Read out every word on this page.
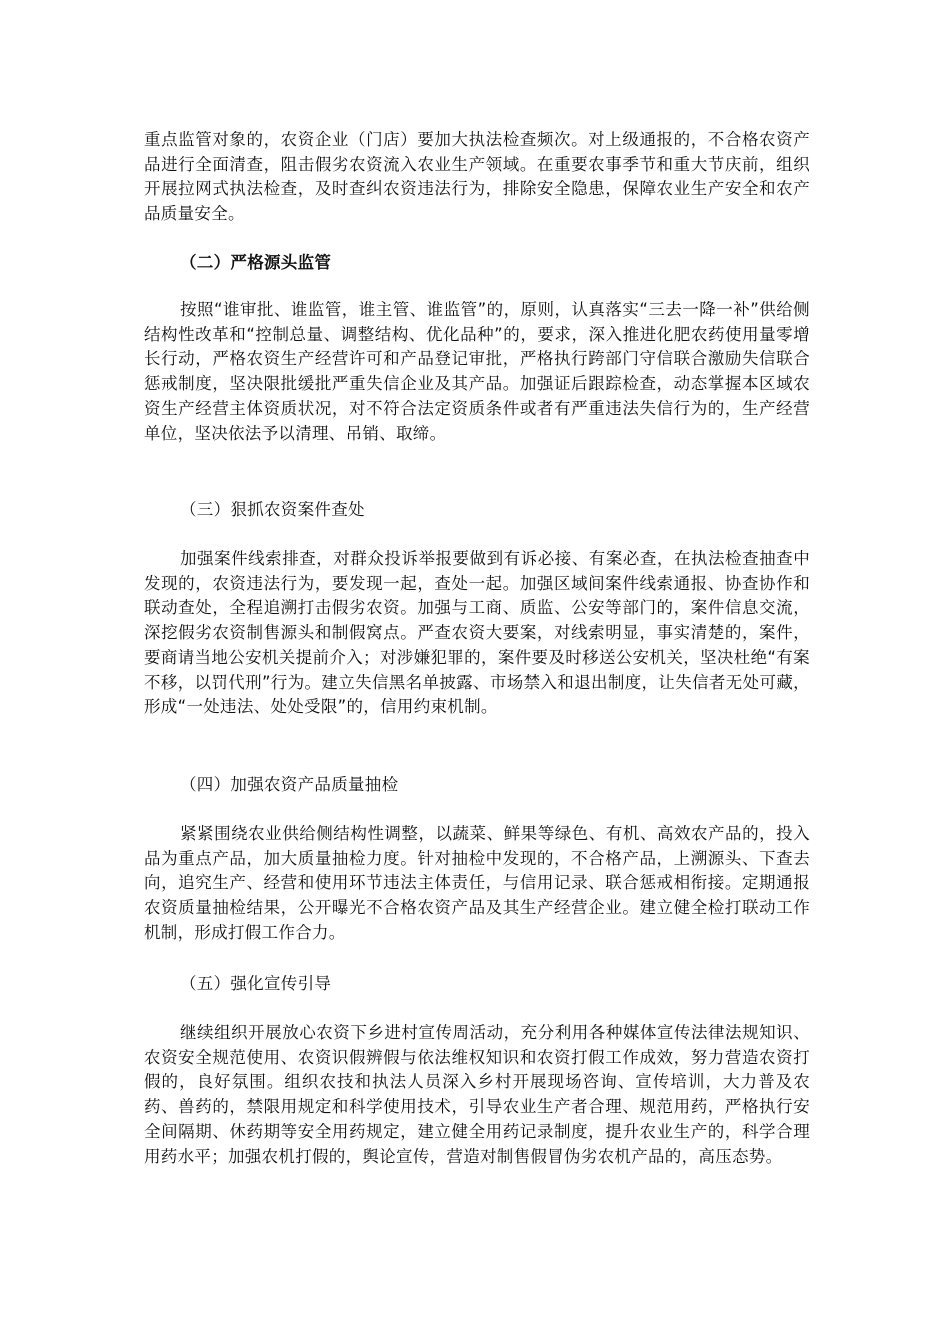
重点监管对象的，农资企业（门店）要加大执法检查频次。对上级通报的，不合格农资产品进行全面清查，阻击假劣农资流入农业生产领域。在重要农事季节和重大节庆前，组织开展拉网式执法检查，及时查纠农资违法行为，排除安全隐患，保障农业生产安全和农产品质量安全。

（二）严格源头监管

按照“谁审批、谁监管，谁主管、谁监管”的，原则，认真落实“三去一降一补”供给侧结构性改革和“控制总量、调整结构、优化品种”的，要求，深入推进化肥农药使用量零增长行动，严格农资生产经营许可和产品登记审批，严格执行跨部门守信联合激励失信联合惩戒制度，坚决限批缓批严重失信企业及其产品。加强证后跟踪检查，动态掌握本区域农资生产经营主体资质状况，对不符合法定资质条件或者有严重违法失信行为的，生产经营单位，坚决依法予以清理、吊销、取缔。

（三）狠抓农资案件查处

加强案件线索排查，对群众投诉举报要做到有诉必接、有案必查，在执法检查抽查中发现的，农资违法行为，要发现一起，查处一起。加强区域间案件线索通报、协查协作和联动查处，全程追溯打击假劣农资。加强与工商、质监、公安等部门的，案件信息交流，深挖假劣农资制售源头和制假窝点。严查农资大要案，对线索明显，事实清楚的，案件，要商请当地公安机关提前介入；对涉嫌犯罪的，案件要及时移送公安机关，坚决杜绝“有案不移，以罚代刑”行为。建立失信黑名单披露、市场禁入和退出制度，让失信者无处可藏，形成“一处违法、处处受限”的，信用约束机制。

（四）加强农资产品质量抽检

紧紧围绕农业供给侧结构性调整，以蔬菜、鲜果等绿色、有机、高效农产品的，投入品为重点产品，加大质量抽检力度。针对抽检中发现的，不合格产品，上溯源头、下查去向，追究生产、经营和使用环节违法主体责任，与信用记录、联合惩戒相衔接。定期通报农资质量抽检结果，公开曝光不合格农资产品及其生产经营企业。建立健全检打联动工作机制，形成打假工作合力。

（五）强化宣传引导

继续组织开展放心农资下乡进村宣传周活动，充分利用各种媒体宣传法律法规知识、农资安全规范使用、农资识假辨假与依法维权知识和农资打假工作成效，努力营造农资打假的，良好氛围。组织农技和执法人员深入乡村开展现场咨询、宣传培训，大力普及农药、兽药的，禁限用规定和科学使用技术，引导农业生产者合理、规范用药，严格执行安全间隔期、休药期等安全用药规定，建立健全用药记录制度，提升农业生产的，科学合理用药水平；加强农机打假的，舆论宣传，营造对制售假冒伪劣农机产品的，高压态势。
